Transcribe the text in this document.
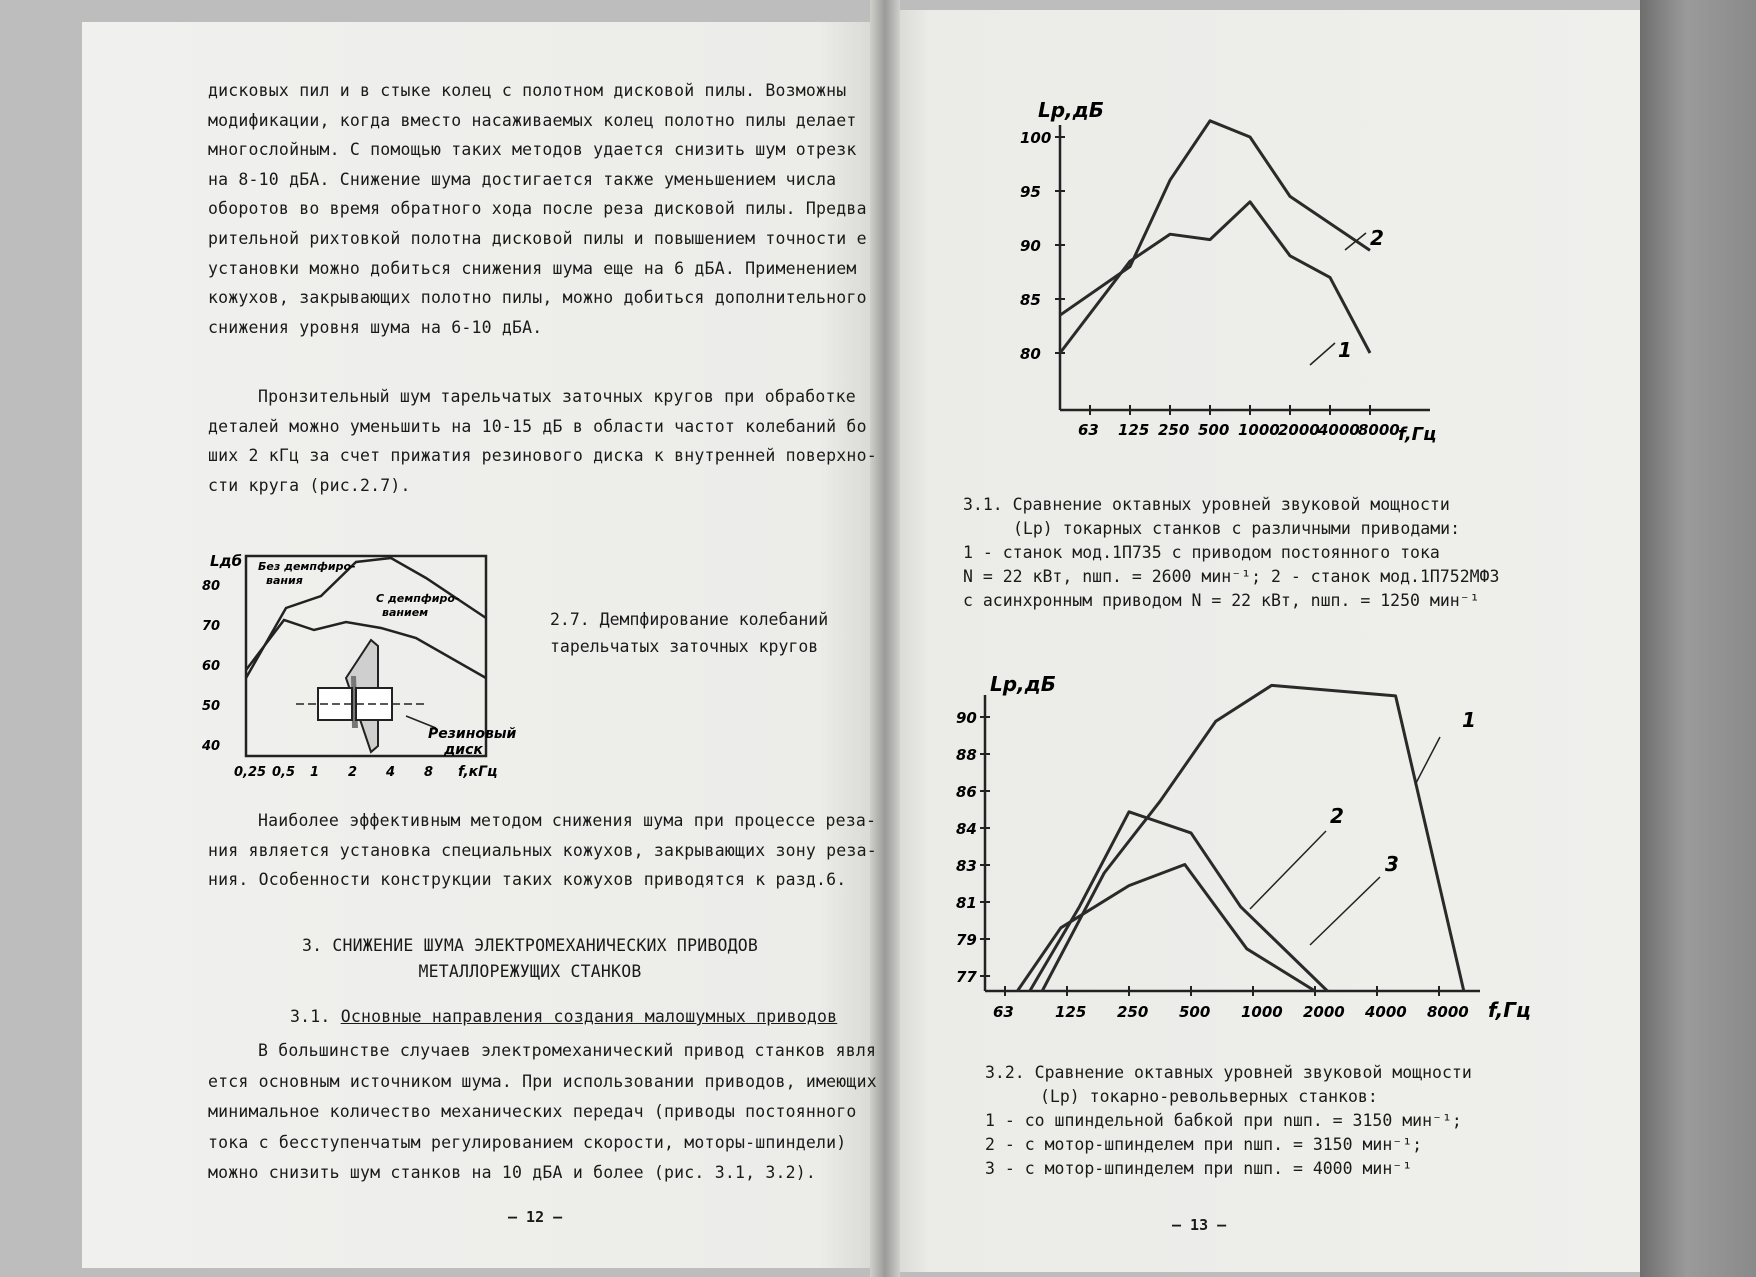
дисковых пил и в стыке колец с полотном дисковой пилы. Возможны
модификации, когда вместо насаживаемых колец полотно пилы делает
многослойным. С помощью таких методов удается снизить шум отрезк
на 8-10 дБА. Снижение шума достигается также уменьшением числа
оборотов во время обратного хода после реза дисковой пилы. Предва
рительной рихтовкой полотна дисковой пилы и повышением точности е
установки можно добиться снижения шума еще на 6 дБА. Применением
кожухов, закрывающих полотно пилы, можно добиться дополнительного
снижения уровня шума на 6-10 дБА.
Пронзительный шум тарельчатых заточных кругов при обработке
деталей можно уменьшить на 10-15 дБ в области частот колебаний бо
ших 2 кГц за счет прижатия резинового диска к внутренней поверхно-
сти круга (рис.2.7).
Lдб
80
70
60
50
40
0,25 0,5 1 2 4 8 f,кГц
Без демпфиро-
вания
С демпфиро-
ванием
Резиновый
диск
2.7. Демпфирование колебаний
тарельчатых заточных кругов
Наиболее эффективным методом снижения шума при процессе реза-
ния является установка специальных кожухов, закрывающих зону реза-
ния. Особенности конструкции таких кожухов приводятся к разд.6.
3. СНИЖЕНИЕ ШУМА ЭЛЕКТРОМЕХАНИЧЕСКИХ ПРИВОДОВ
МЕТАЛЛОРЕЖУЩИХ СТАНКОВ
3.1. Основные направления создания малошумных приводов
В большинстве случаев электромеханический привод станков явля
ется основным источником шума. При использовании приводов, имеющих
минимальное количество механических передач (приводы постоянного
тока с бесступенчатым регулированием скорости, моторы-шпиндели)
можно снизить шум станков на 10 дБА и более (рис. 3.1, 3.2).
— 12 —
Lр,дБ
100
95
90
85
80
63 125 250 500 1000
2000
4000
8000
f,Гц
2
1
3.1. Сравнение октавных уровней звуковой мощности
(Lр) токарных станков с различными приводами:
1 - станок мод.1П735 с приводом постоянного тока
N = 22 кВт, nшп. = 2600 мин⁻¹; 2 - станок мод.1П752МФ3
с асинхронным приводом N = 22 кВт, nшп. = 1250 мин⁻¹
Lр,дБ
90
88
86
84
83
81
79
77
63	125 250 500 1000 2000 4000 8000 f,Гц
1
2
3
3.2. Сравнение октавных уровней звуковой мощности
(Lр) токарно-револьверных станков:
1 - со шпиндельной бабкой при nшп. = 3150 мин⁻¹;
2 - с мотор-шпинделем при nшп. = 3150 мин⁻¹;
3 - с мотор-шпинделем при nшп. = 4000 мин⁻¹
— 13 —
